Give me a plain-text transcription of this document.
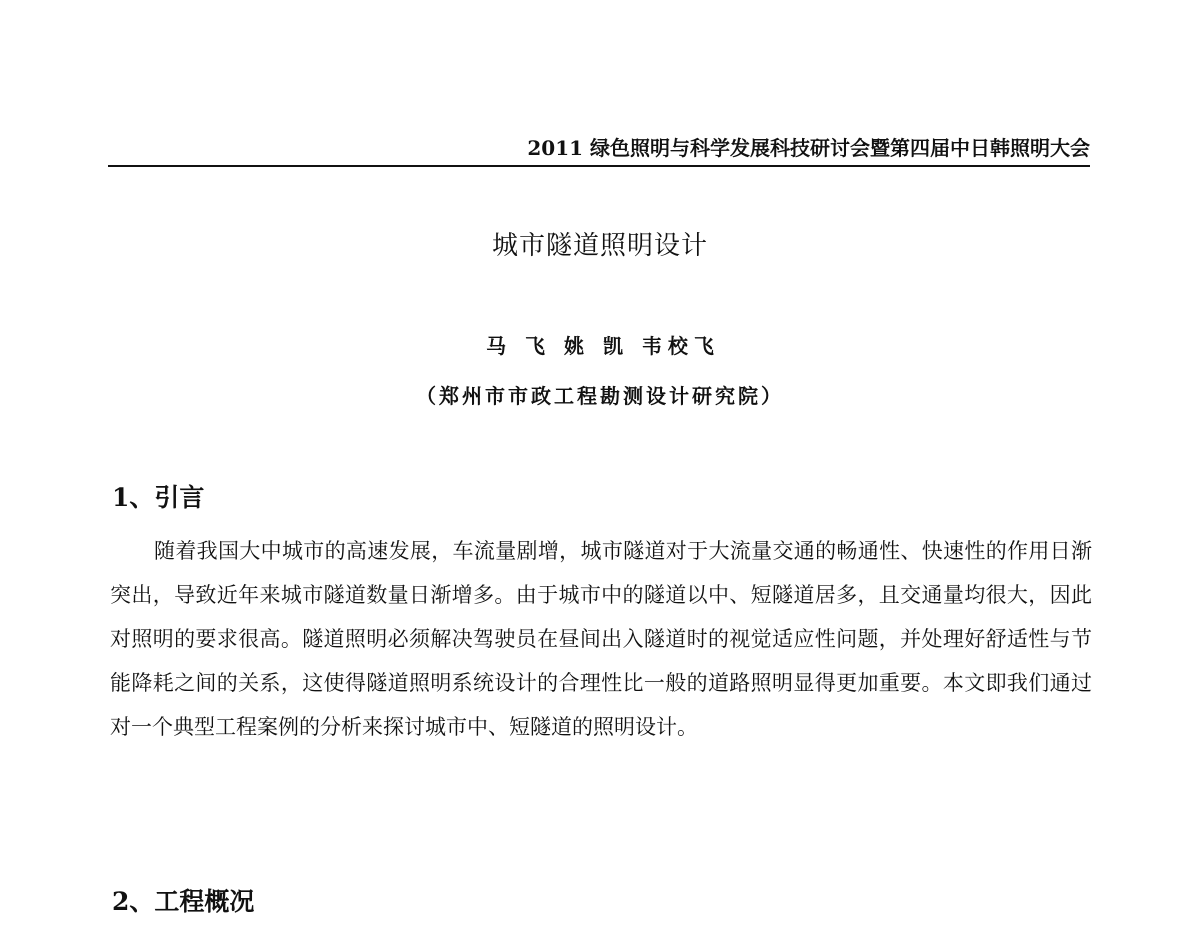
2011 绿色照明与科学发展科技研讨会暨第四届中日韩照明大会
城市隧道照明设计
马 飞 姚 凯 韦校飞
（郑州市市政工程勘测设计研究院）
1、引言
随着我国大中城市的高速发展，车流量剧增，城市隧道对于大流量交通的畅通性、快速性的作用日渐突出，导致近年来城市隧道数量日渐增多。由于城市中的隧道以中、短隧道居多，且交通量均很大，因此对照明的要求很高。隧道照明必须解决驾驶员在昼间出入隧道时的视觉适应性问题，并处理好舒适性与节能降耗之间的关系，这使得隧道照明系统设计的合理性比一般的道路照明显得更加重要。本文即我们通过对一个典型工程案例的分析来探讨城市中、短隧道的照明设计。
2、工程概况
